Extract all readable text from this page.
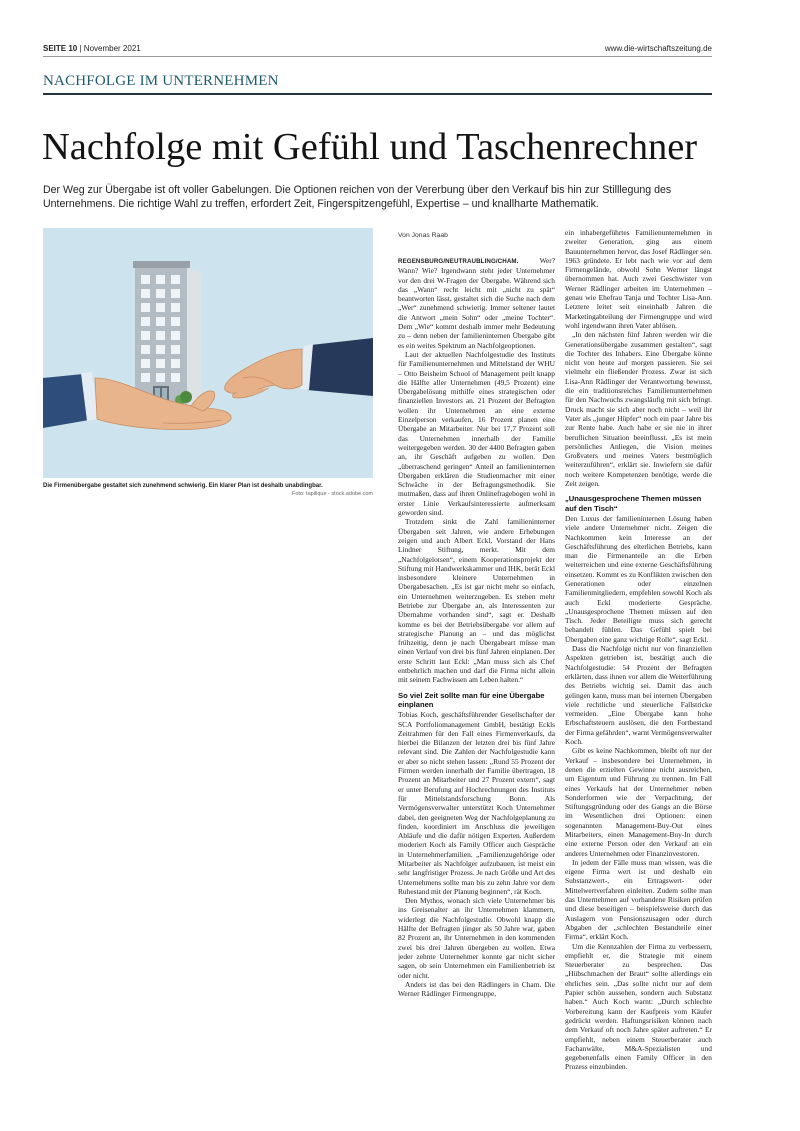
SEITE 10 | November 2021	www.die-wirtschaftszeitung.de
NACHFOLGE IM UNTERNEHMEN
Nachfolge mit Gefühl und Taschenrechner
Der Weg zur Übergabe ist oft voller Gabelungen. Die Optionen reichen von der Vererbung über den Verkauf bis hin zur Stilllegung des Unternehmens. Die richtige Wahl zu treffen, erfordert Zeit, Fingerspitzengefühl, Expertise – und knallharte Mathematik.
Die Firmenübergabe gestaltet sich zunehmend schwierig. Ein klarer Plan ist deshalb unabdingbar.
Foto: tapilique - stock.adobe.com
Von Jonas Raab

REGENSBURG/NEUTRAUBLING/CHAM.	Wer? Wann? Wie? Irgendwann steht jeder Unternehmer vor den drei W-Fragen der Übergabe. Während sich das „Wann“ recht leicht mit „nicht zu spät“ beantworten lässt, gestaltet sich die Suche nach dem „Wer“ zunehmend schwierig. Immer seltener lautet die Antwort „mein Sohn“ oder „meine Tochter“. Dem „Wie“ kommt deshalb immer mehr Bedeutung zu – denn neben der familieninternen Übergabe gibt es ein weites Spektrum an Nachfolgeoptionen.

Laut der aktuellen Nachfolgestudie des Instituts für Familienunternehmen und Mittelstand der WHU – Otto Beisheim School of Management peilt knapp die Hälfte aller Unternehmen (49,5 Prozent) eine Übergabelösung mithilfe eines strategischen oder finanziellen Investors an. 21 Prozent der Befragten wollen ihr Unternehmen an eine externe Einzelperson verkaufen, 16 Prozent planen eine Übergabe an Mitarbeiter. Nur bei 17,7 Prozent soll das Unternehmen innerhalb der Familie weitergegeben werden. 30 der 4400 Befragten gaben an, ihr Geschäft aufgeben zu wollen. Den „überraschend geringen“ Anteil an familieninternen Übergaben erklären die Studienmacher mit einer Schwäche in der Befragungsmethodik. Sie mutmaßen, dass auf ihren Onlinefragebogen wohl in erster Linie Verkaufsinteressierte aufmerksam geworden sind.

Trotzdem sinkt die Zahl familieninterner Übergaben seit Jahren, wie andere Erhebungen zeigen und auch Albert Eckl, Vorstand der Hans Lindner Stiftung, merkt. Mit dem „Nachfolgelotsen“, einem Kooperationsprojekt der Stiftung mit Handwerkskammer und IHK, berät Eckl insbesondere kleinere Unternehmen in Übergabesachen. „Es ist gar nicht mehr so einfach, ein Unternehmen weiterzugeben. Es stehen mehr Betriebe zur Übergabe an, als Interessenten zur Übernahme vorhanden sind“, sagt er. Deshalb komme es bei der Betriebsübergabe vor allem auf strategische Planung an – und das möglichst frühzeitig, denn je nach Übergabeart müsse man einen Verlauf von drei bis fünf Jahren einplanen. Der erste Schritt laut Eckl: „Man muss sich als Chef entbehrlich machen und darf die Firma nicht allein mit seinem Fachwissen am Leben halten.“

So viel Zeit sollte man für eine Übergabe einplanen

Tobias Koch, geschäftsführender Gesellschafter der SCA Portfoliomanagement GmbH, bestätigt Eckls Zeitrahmen für den Fall eines Firmenverkaufs, da hierbei die Bilanzen der letzten drei bis fünf Jahre relevant sind. Die Zahlen der Nachfolgestudie kann er aber so nicht stehen lassen: „Rund 55 Prozent der Firmen werden innerhalb der Familie übertragen, 18 Prozent an Mitarbeiter und 27 Prozent extern“, sagt er unter Berufung auf Hochrechnungen des Instituts für Mittelstandsforschung Bonn. Als Vermögensverwalter unterstützt Koch Unternehmer dabei, den geeigneten Weg der Nachfolgeplanung zu finden, koordiniert im Anschluss die jeweiligen Abläufe und die dafür nötigen Experten. Außerdem moderiert Koch als Family Officer auch Gespräche in Unternehmerfamilien. „Familienzugehörige oder Mitarbeiter als Nachfolger aufzubauen, ist meist ein sehr langfristiger Prozess. Je nach Größe und Art des Unternehmens sollte man bis zu zehn Jahre vor dem Ruhestand mit der Planung beginnen“, rät Koch.

Den Mythos, wonach sich viele Unternehmer bis ins Greisenalter an ihr Unternehmen klammern, widerlegt die Nachfolgestudie. Obwohl knapp die Hälfte der Befragten jünger als 50 Jahre war, gaben 82 Prozent an, ihr Unternehmen in den kommenden zwei bis drei Jahren übergeben zu wollen. Etwa jeder zehnte Unternehmer konnte gar nicht sicher sagen, ob sein Unternehmen ein Familienbetrieb ist oder nicht.

Anders ist das bei den Rädlingers in Cham. Die Werner Rädlinger Firmengruppe,

ein inhabergeführtes Familienunternehmen in zweiter Generation, ging aus einem Bauunternehmen hervor, das Josef Rädlinger sen. 1963 gründete. Er lebt nach wie vor auf dem Firmengelände, obwohl Sohn Werner längst übernommen hat. Auch zwei Geschwister von Werner Rädlinger arbeiten im Unternehmen – genau wie Ehefrau Tanja und Tochter Lisa-Ann. Letztere leitet seit eineinhalb Jahren die Marketingabteilung der Firmengruppe und wird wohl irgendwann ihren Vater ablösen.

„In den nächsten fünf Jahren werden wir die Generationsübergabe zusammen gestalten“, sagt die Tochter des Inhabers. Eine Übergabe könne nicht von heute auf morgen passieren. Sie sei vielmehr ein fließender Prozess. Zwar ist sich Lisa-Ann Rädlinger der Verantwortung bewusst, die ein traditionsreiches Familienunternehmen für den Nachwuchs zwangsläufig mit sich bringt. Druck macht sie sich aber noch nicht – weil ihr Vater als „junger Hüpfer“ noch ein paar Jahre bis zur Rente habe. Auch habe er sie nie in ihrer beruflichen Situation beeinflusst. „Es ist mein persönliches Anliegen, die Vision meines Großvaters und meines Vaters bestmöglich weiterzuführen“, erklärt sie. Inwiefern sie dafür noch weitere Kompetenzen benötige, werde die Zeit zeigen.

„Unausgesprochene Themen müssen auf den Tisch“

Den Luxus der familieninternen Lösung haben viele andere Unternehmer nicht. Zeigen die Nachkommen kein Interesse an der Geschäftsführung des elterlichen Betriebs, kann man die Firmenanteile an die Erben weiterreichen und eine externe Geschäftsführung einsetzen. Kommt es zu Konflikten zwischen den Generationen oder einzelnen Familienmitgliedern, empfehlen sowohl Koch als auch Eckl moderierte Gespräche. „Unausgesprochene Themen müssen auf den Tisch. Jeder Beteiligte muss sich gerecht behandelt fühlen. Das Gefühl spielt bei Übergaben eine ganz wichtige Rolle“, sagt Eckl.

Dass die Nachfolge nicht nur von finanziellen Aspekten getrieben ist, bestätigt auch die Nachfolgestudie: 54 Prozent der Befragten erklärten, dass ihnen vor allem die Weiterführung des Betriebs wichtig sei. Damit das auch gelingen kann, muss man bei internen Übergaben viele rechtliche und steuerliche Fallstricke vermeiden. „Eine Übergabe kann hohe Erbschaftsteuern auslösen, die den Fortbestand der Firma gefährden“, warnt Vermögensverwalter Koch.

Gibt es keine Nachkommen, bleibt oft nur der Verkauf – insbesondere bei Unternehmen, in denen die erzielten Gewinne nicht ausreichen, um Eigentum und Führung zu trennen. Im Fall eines Verkaufs hat der Unternehmer neben Sonderformen wie der Verpachtung, der Stiftungsgründung oder des Gangs an die Börse im Wesentlichen drei Optionen: einen sogenannten Management-Buy-Out eines Mitarbeiters, einen Management-Buy-In durch eine externe Person oder den Verkauf an ein anderes Unternehmen oder Finanzinvestoren.

In jedem der Fälle muss man wissen, was die eigene Firma wert ist und deshalb ein Substanzwert-, ein Ertragswert- oder Mittelwertverfahren einleiten. Zudem sollte man das Unternehmen auf vorhandene Risiken prüfen und diese beseitigen – beispielsweise durch das Auslagern von Pensionszusagen oder durch Abgaben der „schlechten Bestandteile einer Firma“, erklärt Koch.

Um die Kennzahlen der Firma zu verbessern, empfiehlt er, die Strategie mit einem Steuerberater zu besprechen. Das „Hübschmachen der Braut“ sollte allerdings ein ehrliches sein. „Das sollte nicht nur auf dem Papier schön aussehen, sondern auch Substanz haben.“ Auch Koch warnt: „Durch schlechte Vorbereitung kann der Kaufpreis vom Käufer gedrückt werden. Haftungsrisiken können nach dem Verkauf oft noch Jahre später auftreten.“ Er empfiehlt, neben einem Steuerberater auch Fachanwälte, M&A-Spezialisten und gegebenenfalls einen Family Officer in den Prozess einzubinden.
